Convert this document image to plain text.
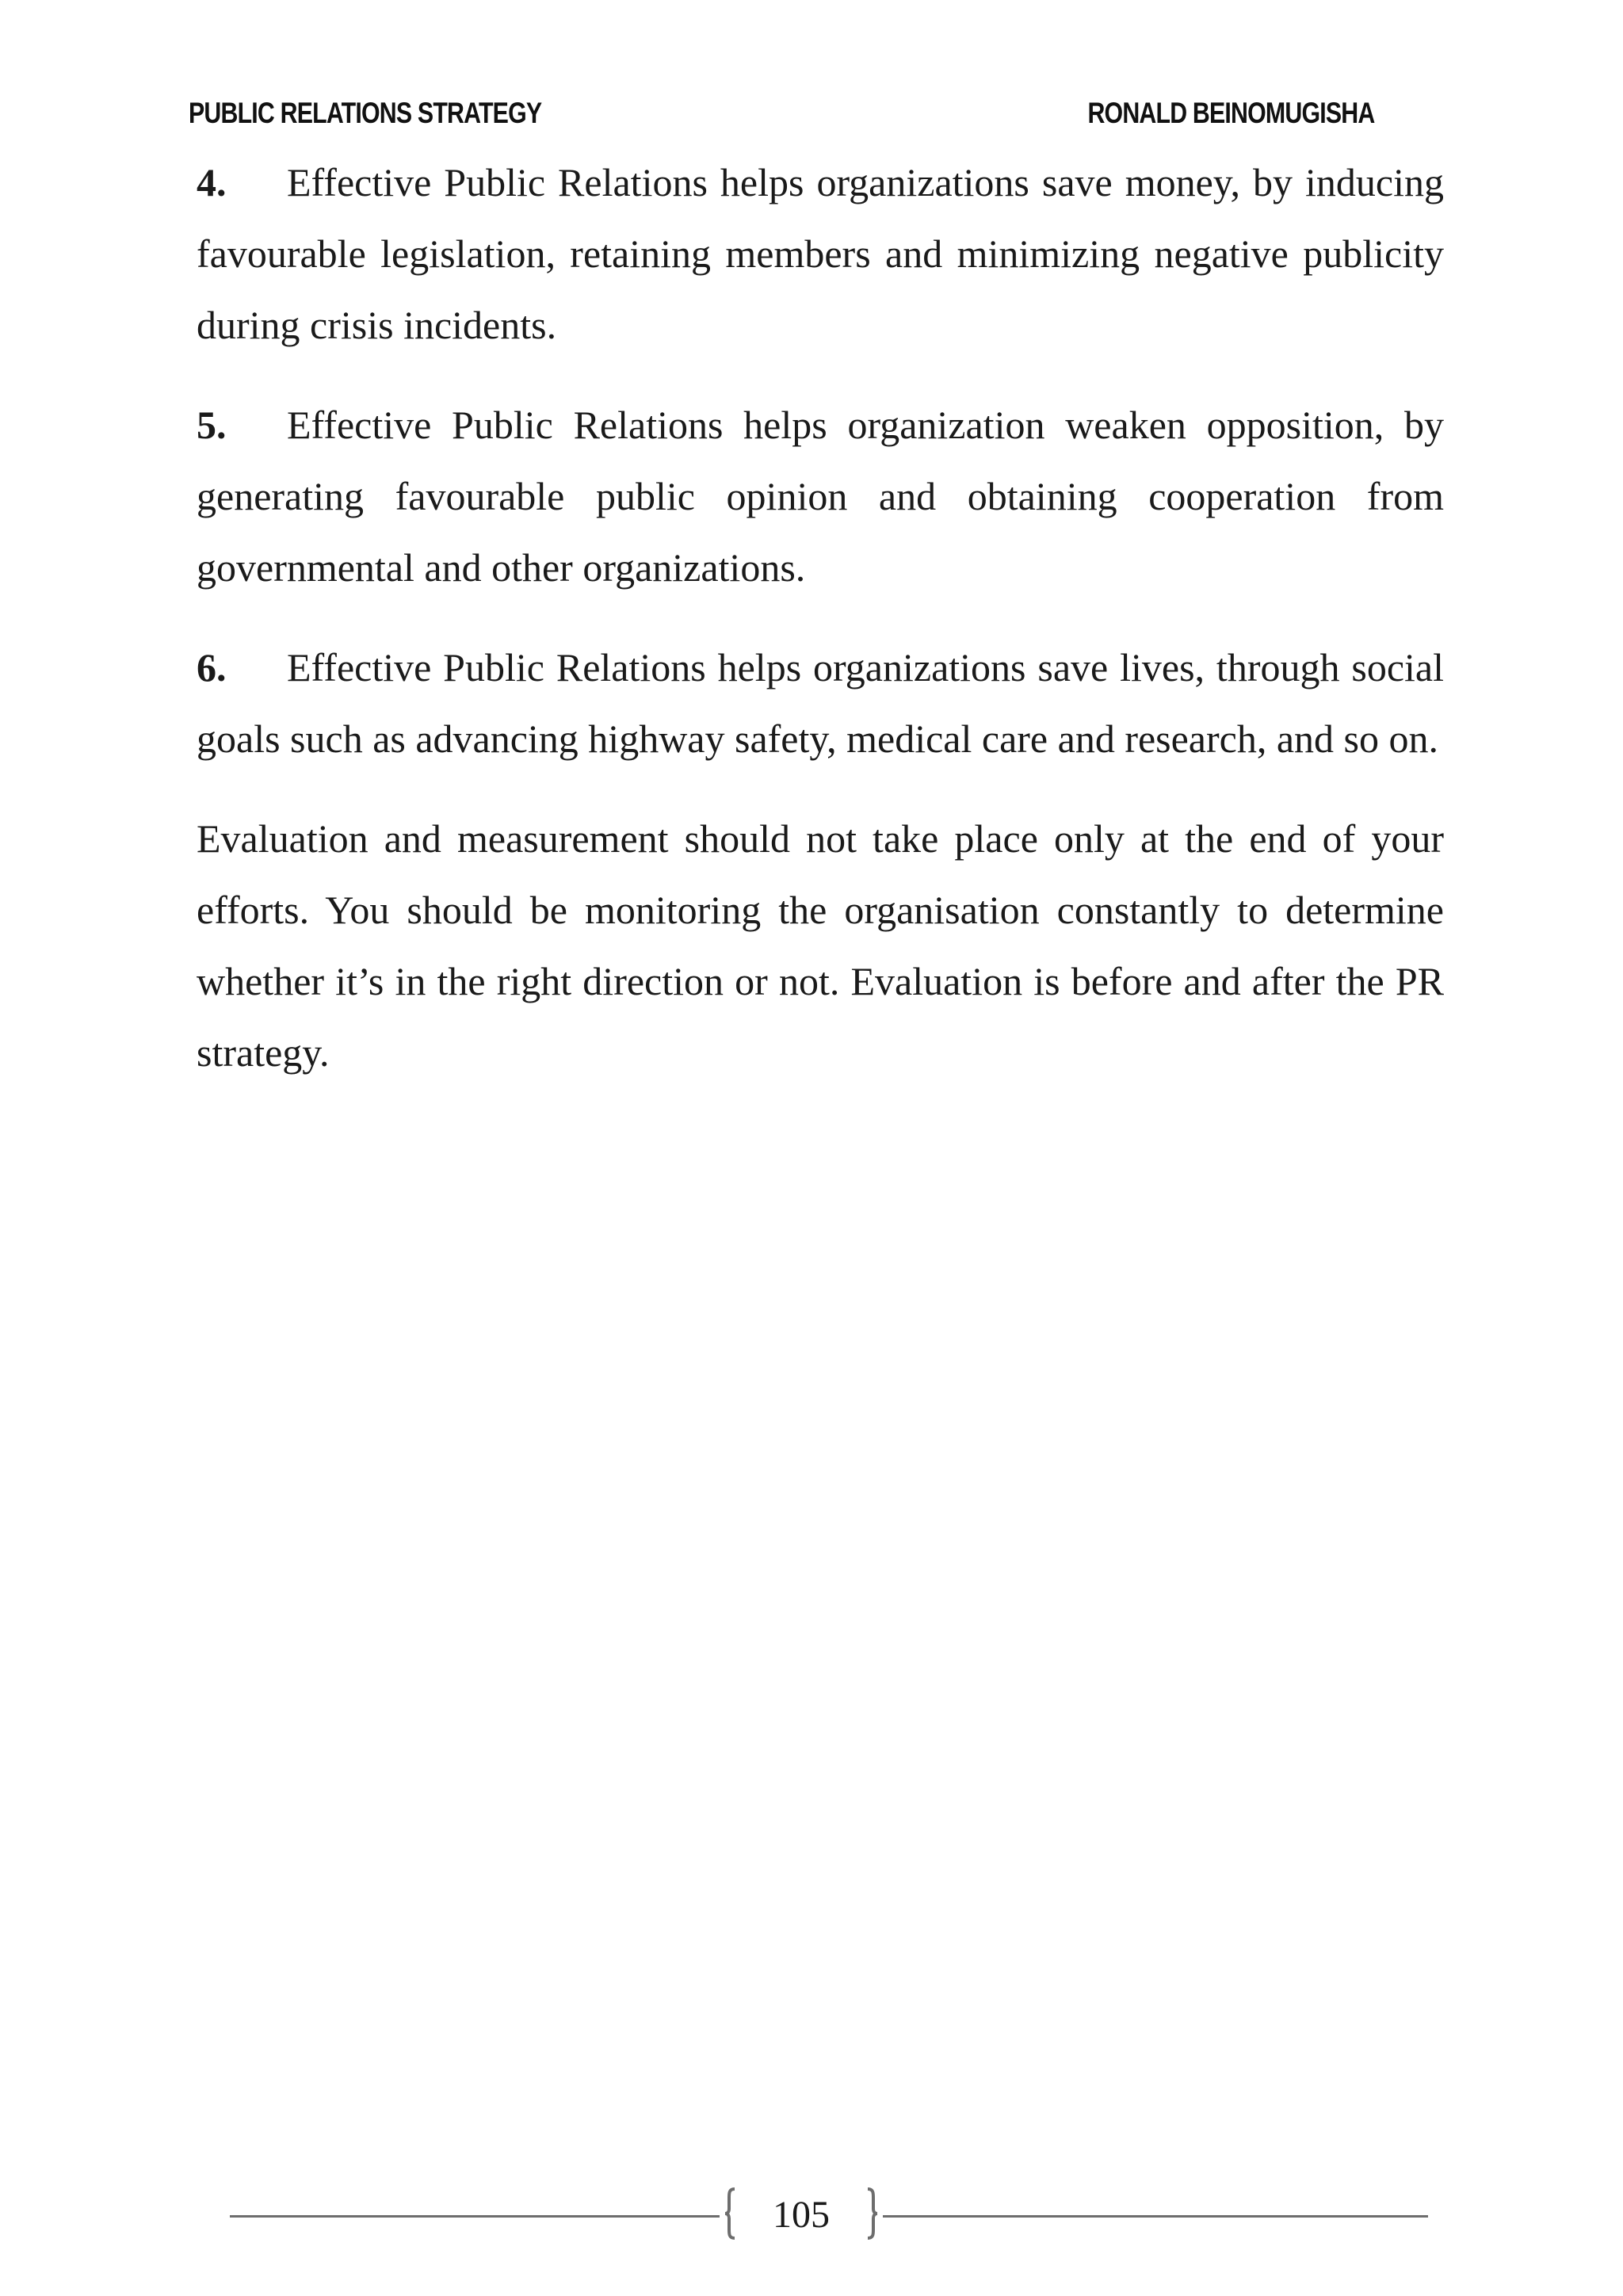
PUBLIC RELATIONS STRATEGY	RONALD BEINOMUGISHA

4. Effective Public Relations helps organizations save money, by inducing favourable legislation, retaining members and minimizing negative publicity during crisis incidents.

5. Effective Public Relations helps organization weaken opposition, by generating favourable public opinion and obtaining cooperation from governmental and other organizations.

6. Effective Public Relations helps organizations save lives, through social goals such as advancing highway safety, medical care and research, and so on.

Evaluation and measurement should not take place only at the end of your efforts. You should be monitoring the organisation constantly to determine whether it’s in the right direction or not. Evaluation is before and after the PR strategy.

105
